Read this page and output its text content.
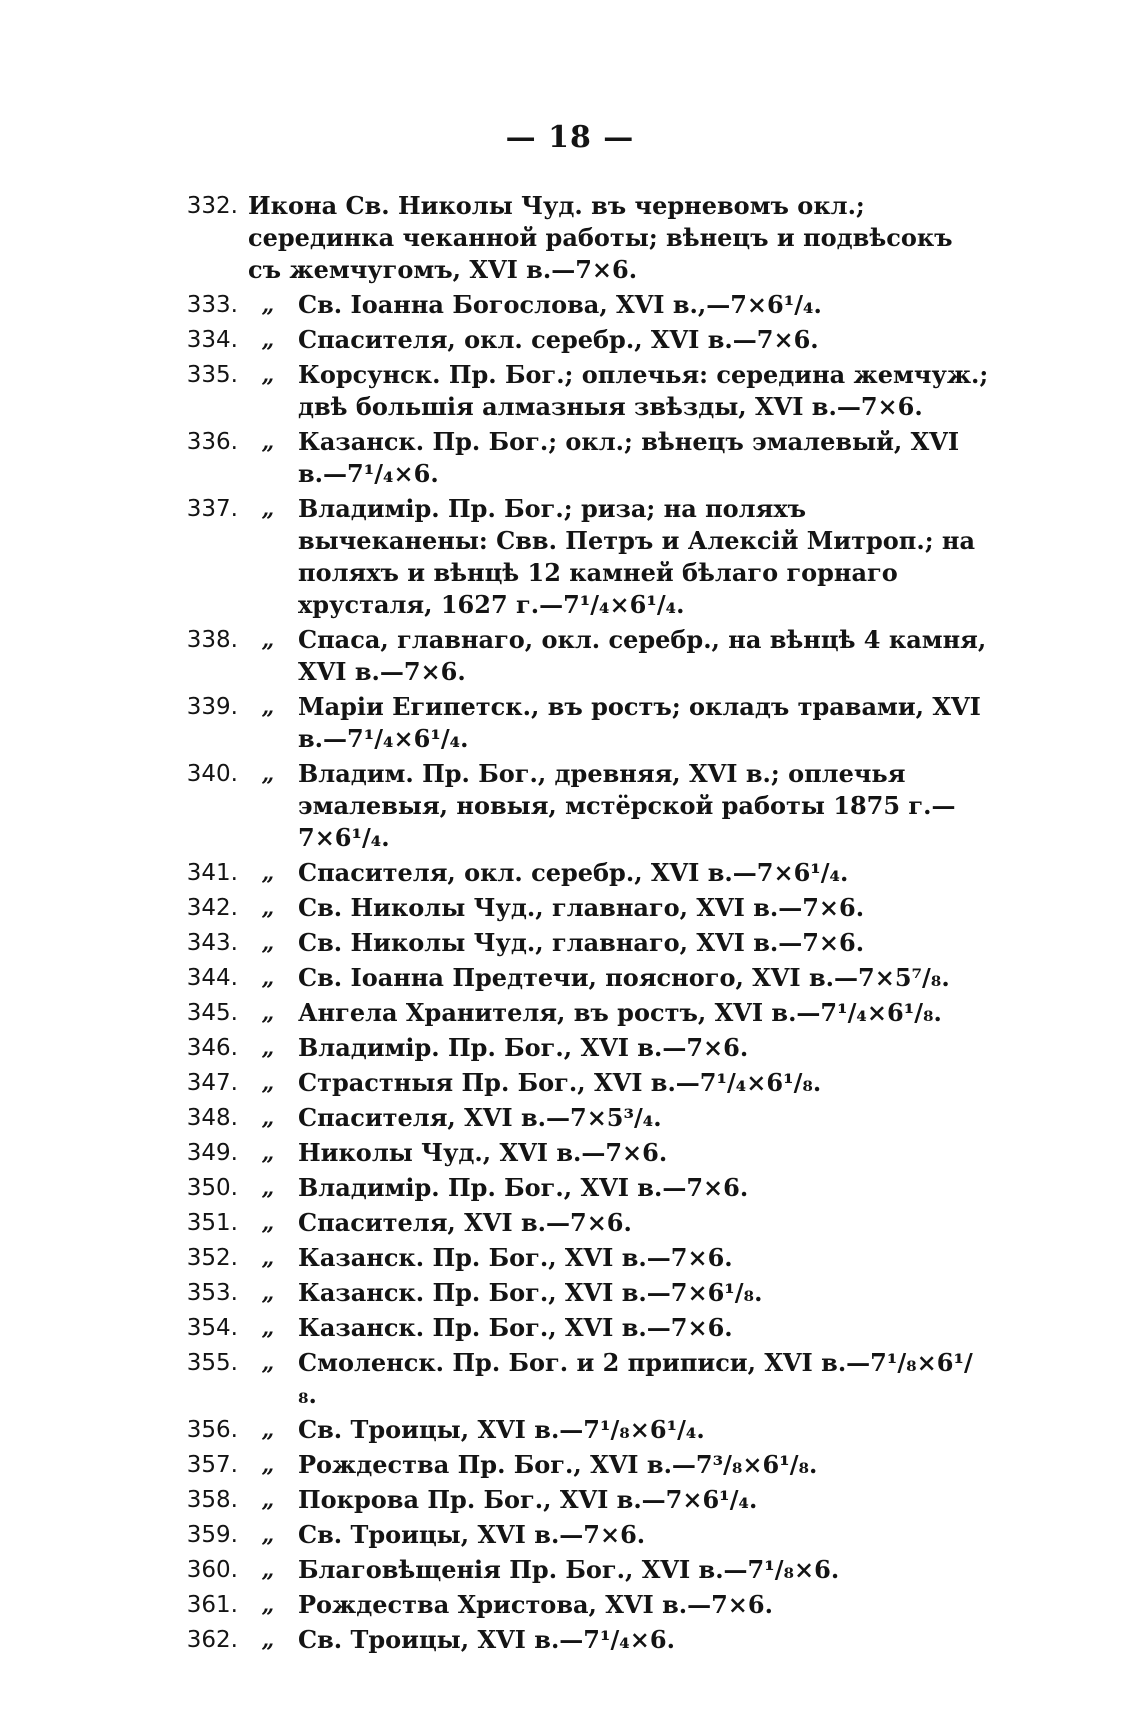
— 18 —
332. Икона Св. Николы Чуд. въ черневомъ окл.; серединка чеканной работы; вѣнецъ и подвѣсокъ съ жемчугомъ, XVI в.—7×6.
333.	„ Св. Іоанна Богослова, XVI в.,—7×6¹/₄.
334.	„ Спасителя, окл. серебр., XVI в.—7×6.
335.	„ Корсунск. Пр. Бог.; оплечья: середина жемчуж.; двѣ большія алмазныя звѣзды, XVI в.—7×6.
336.	„ Казанск. Пр. Бог.; окл.; вѣнецъ эмалевый, XVI в.—7¹/₄×6.
337.	„ Владимір. Пр. Бог.; риза; на поляхъ вычеканены: Свв. Петръ и Алексій Митроп.; на поляхъ и вѣнцѣ 12 камней бѣлаго горнаго хрусталя, 1627 г.—7¹/₄×6¹/₄.
338.	„ Спаса, главнаго, окл. серебр., на вѣнцѣ 4 камня, XVI в.—7×6.
339.	„ Маріи Египетск., въ ростъ; окладъ травами, XVI в.—7¹/₄×6¹/₄.
340.	„ Владим. Пр. Бог., древняя, XVI в.; оплечья эмалевыя, новыя, мстёрской работы 1875 г.—7×6¹/₄.
341.	„ Спасителя, окл. серебр., XVI в.—7×6¹/₄.
342.	„ Св. Николы Чуд., главнаго, XVI в.—7×6.
343.	„ Св. Николы Чуд., главнаго, XVI в.—7×6.
344.	„ Св. Іоанна Предтечи, поясного, XVI в.—7×5⁷/₈.
345.	„ Ангела Хранителя, въ ростъ, XVI в.—7¹/₄×6¹/₈.
346.	„ Владимір. Пр. Бог., XVI в.—7×6.
347.	„ Страстныя Пр. Бог., XVI в.—7¹/₄×6¹/₈.
348.	„ Спасителя, XVI в.—7×5³/₄.
349.	„ Николы Чуд., XVI в.—7×6.
350.	„ Владимір. Пр. Бог., XVI в.—7×6.
351.	„ Спасителя, XVI в.—7×6.
352.	„ Казанск. Пр. Бог., XVI в.—7×6.
353.	„ Казанск. Пр. Бог., XVI в.—7×6¹/₈.
354.	„ Казанск. Пр. Бог., XVI в.—7×6.
355.	„ Смоленск. Пр. Бог. и 2 приписи, XVI в.—7¹/₈×6¹/₈.
356.	„ Св. Троицы, XVI в.—7¹/₈×6¹/₄.
357.	„ Рождества Пр. Бог., XVI в.—7³/₈×6¹/₈.
358.	„ Покрова Пр. Бог., XVI в.—7×6¹/₄.
359.	„ Св. Троицы, XVI в.—7×6.
360.	„ Благовѣщенія Пр. Бог., XVI в.—7¹/₈×6.
361.	„ Рождества Христова, XVI в.—7×6.
362.	„ Св. Троицы, XVI в.—7¹/₄×6.
